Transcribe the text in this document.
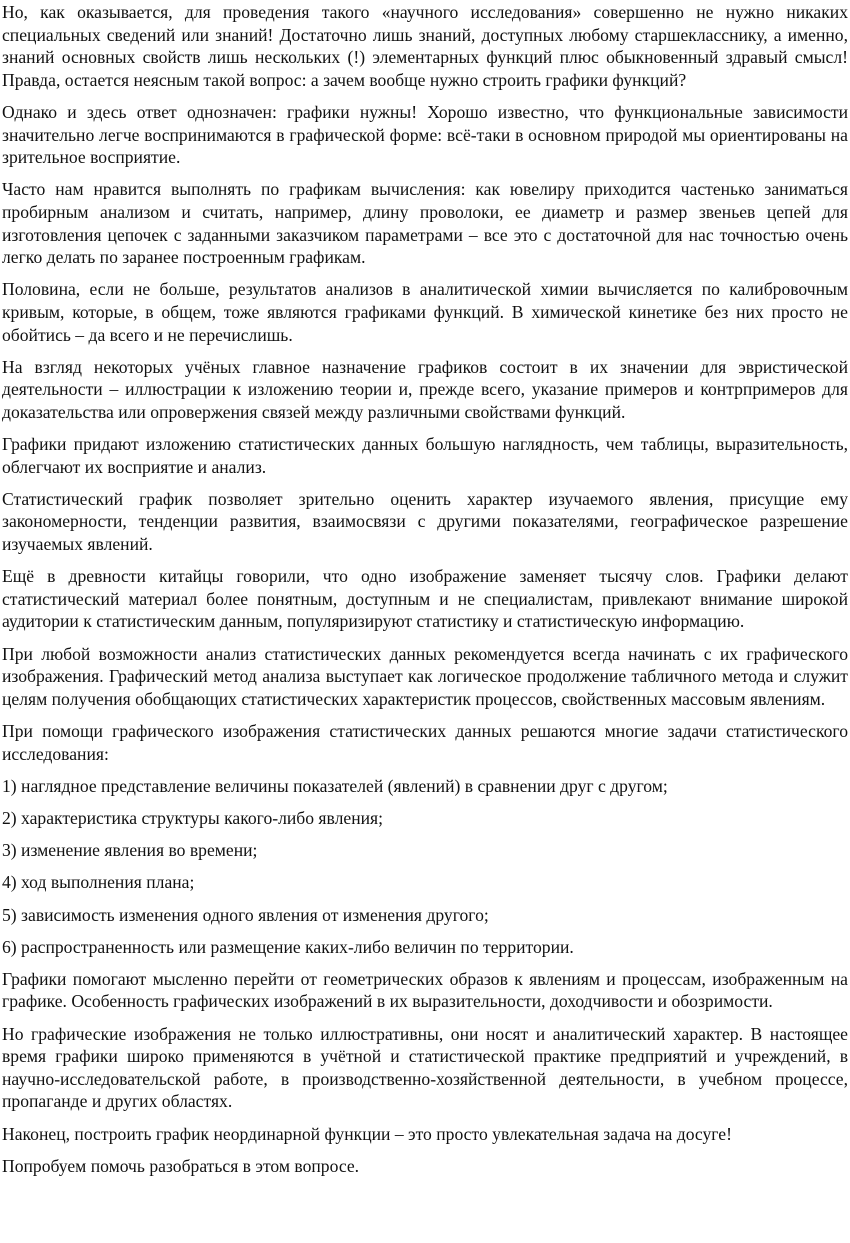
Но, как оказывается, для проведения такого «научного исследования» совершенно не нужно никаких специальных сведений или знаний! Достаточно лишь знаний, доступных любому старшекласснику, а именно, знаний основных свойств лишь нескольких (!) элементарных функций плюс обыкновенный здравый смысл! Правда, остается неясным такой вопрос: а зачем вообще нужно строить графики функций?

Однако и здесь ответ однозначен: графики нужны! Хорошо известно, что функциональные зависимости значительно легче воспринимаются в графической форме: всё-таки в основном природой мы ориентированы на зрительное восприятие.

Часто нам нравится выполнять по графикам вычисления: как ювелиру приходится частенько заниматься пробирным анализом и считать, например, длину проволоки, ее диаметр и размер звеньев цепей для изготовления цепочек с заданными заказчиком параметрами – все это с достаточной для нас точностью очень легко делать по заранее построенным графикам.

Половина, если не больше, результатов анализов в аналитической химии вычисляется по калибровочным кривым, которые, в общем, тоже являются графиками функций. В химической кинетике без них просто не обойтись – да всего и не перечислишь.

На взгляд некоторых учёных главное назначение графиков состоит в их значении для эвристической деятельности – иллюстрации к изложению теории и, прежде всего, указание примеров и контрпримеров для доказательства или опровержения связей между различными свойствами функций.

Графики придают изложению статистических данных большую наглядность, чем таблицы, выразительность, облегчают их восприятие и анализ.

Статистический график позволяет зрительно оценить характер изучаемого явления, присущие ему закономерности, тенденции развития, взаимосвязи с другими показателями, географическое разрешение изучаемых явлений.

Ещё в древности китайцы говорили, что одно изображение заменяет тысячу слов. Графики делают статистический материал более понятным, доступным и не специалистам, привлекают внимание широкой аудитории к статистическим данным, популяризируют статистику и статистическую информацию.

При любой возможности анализ статистических данных рекомендуется всегда начинать с их графического изображения. Графический метод анализа выступает как логическое продолжение табличного метода и служит целям получения обобщающих статистических характеристик процессов, свойственных массовым явлениям.

При помощи графического изображения статистических данных решаются многие задачи статистического исследования:

1) наглядное представление величины показателей (явлений) в сравнении друг с другом;

2) характеристика структуры какого-либо явления;

3) изменение явления во времени;

4) ход выполнения плана;

5) зависимость изменения одного явления от изменения другого;

6) распространенность или размещение каких-либо величин по территории.

Графики помогают мысленно перейти от геометрических образов к явлениям и процессам, изображенным на графике. Особенность графических изображений в их выразительности, доходчивости и обозримости.

Но графические изображения не только иллюстративны, они носят и аналитический характер. В настоящее время графики широко применяются в учётной и статистической практике предприятий и учреждений, в научно-исследовательской работе, в производственно-хозяйственной деятельности, в учебном процессе, пропаганде и других областях.

Наконец, построить график неординарной функции – это просто увлекательная задача на досуге!

Попробуем помочь разобраться в этом вопросе.
